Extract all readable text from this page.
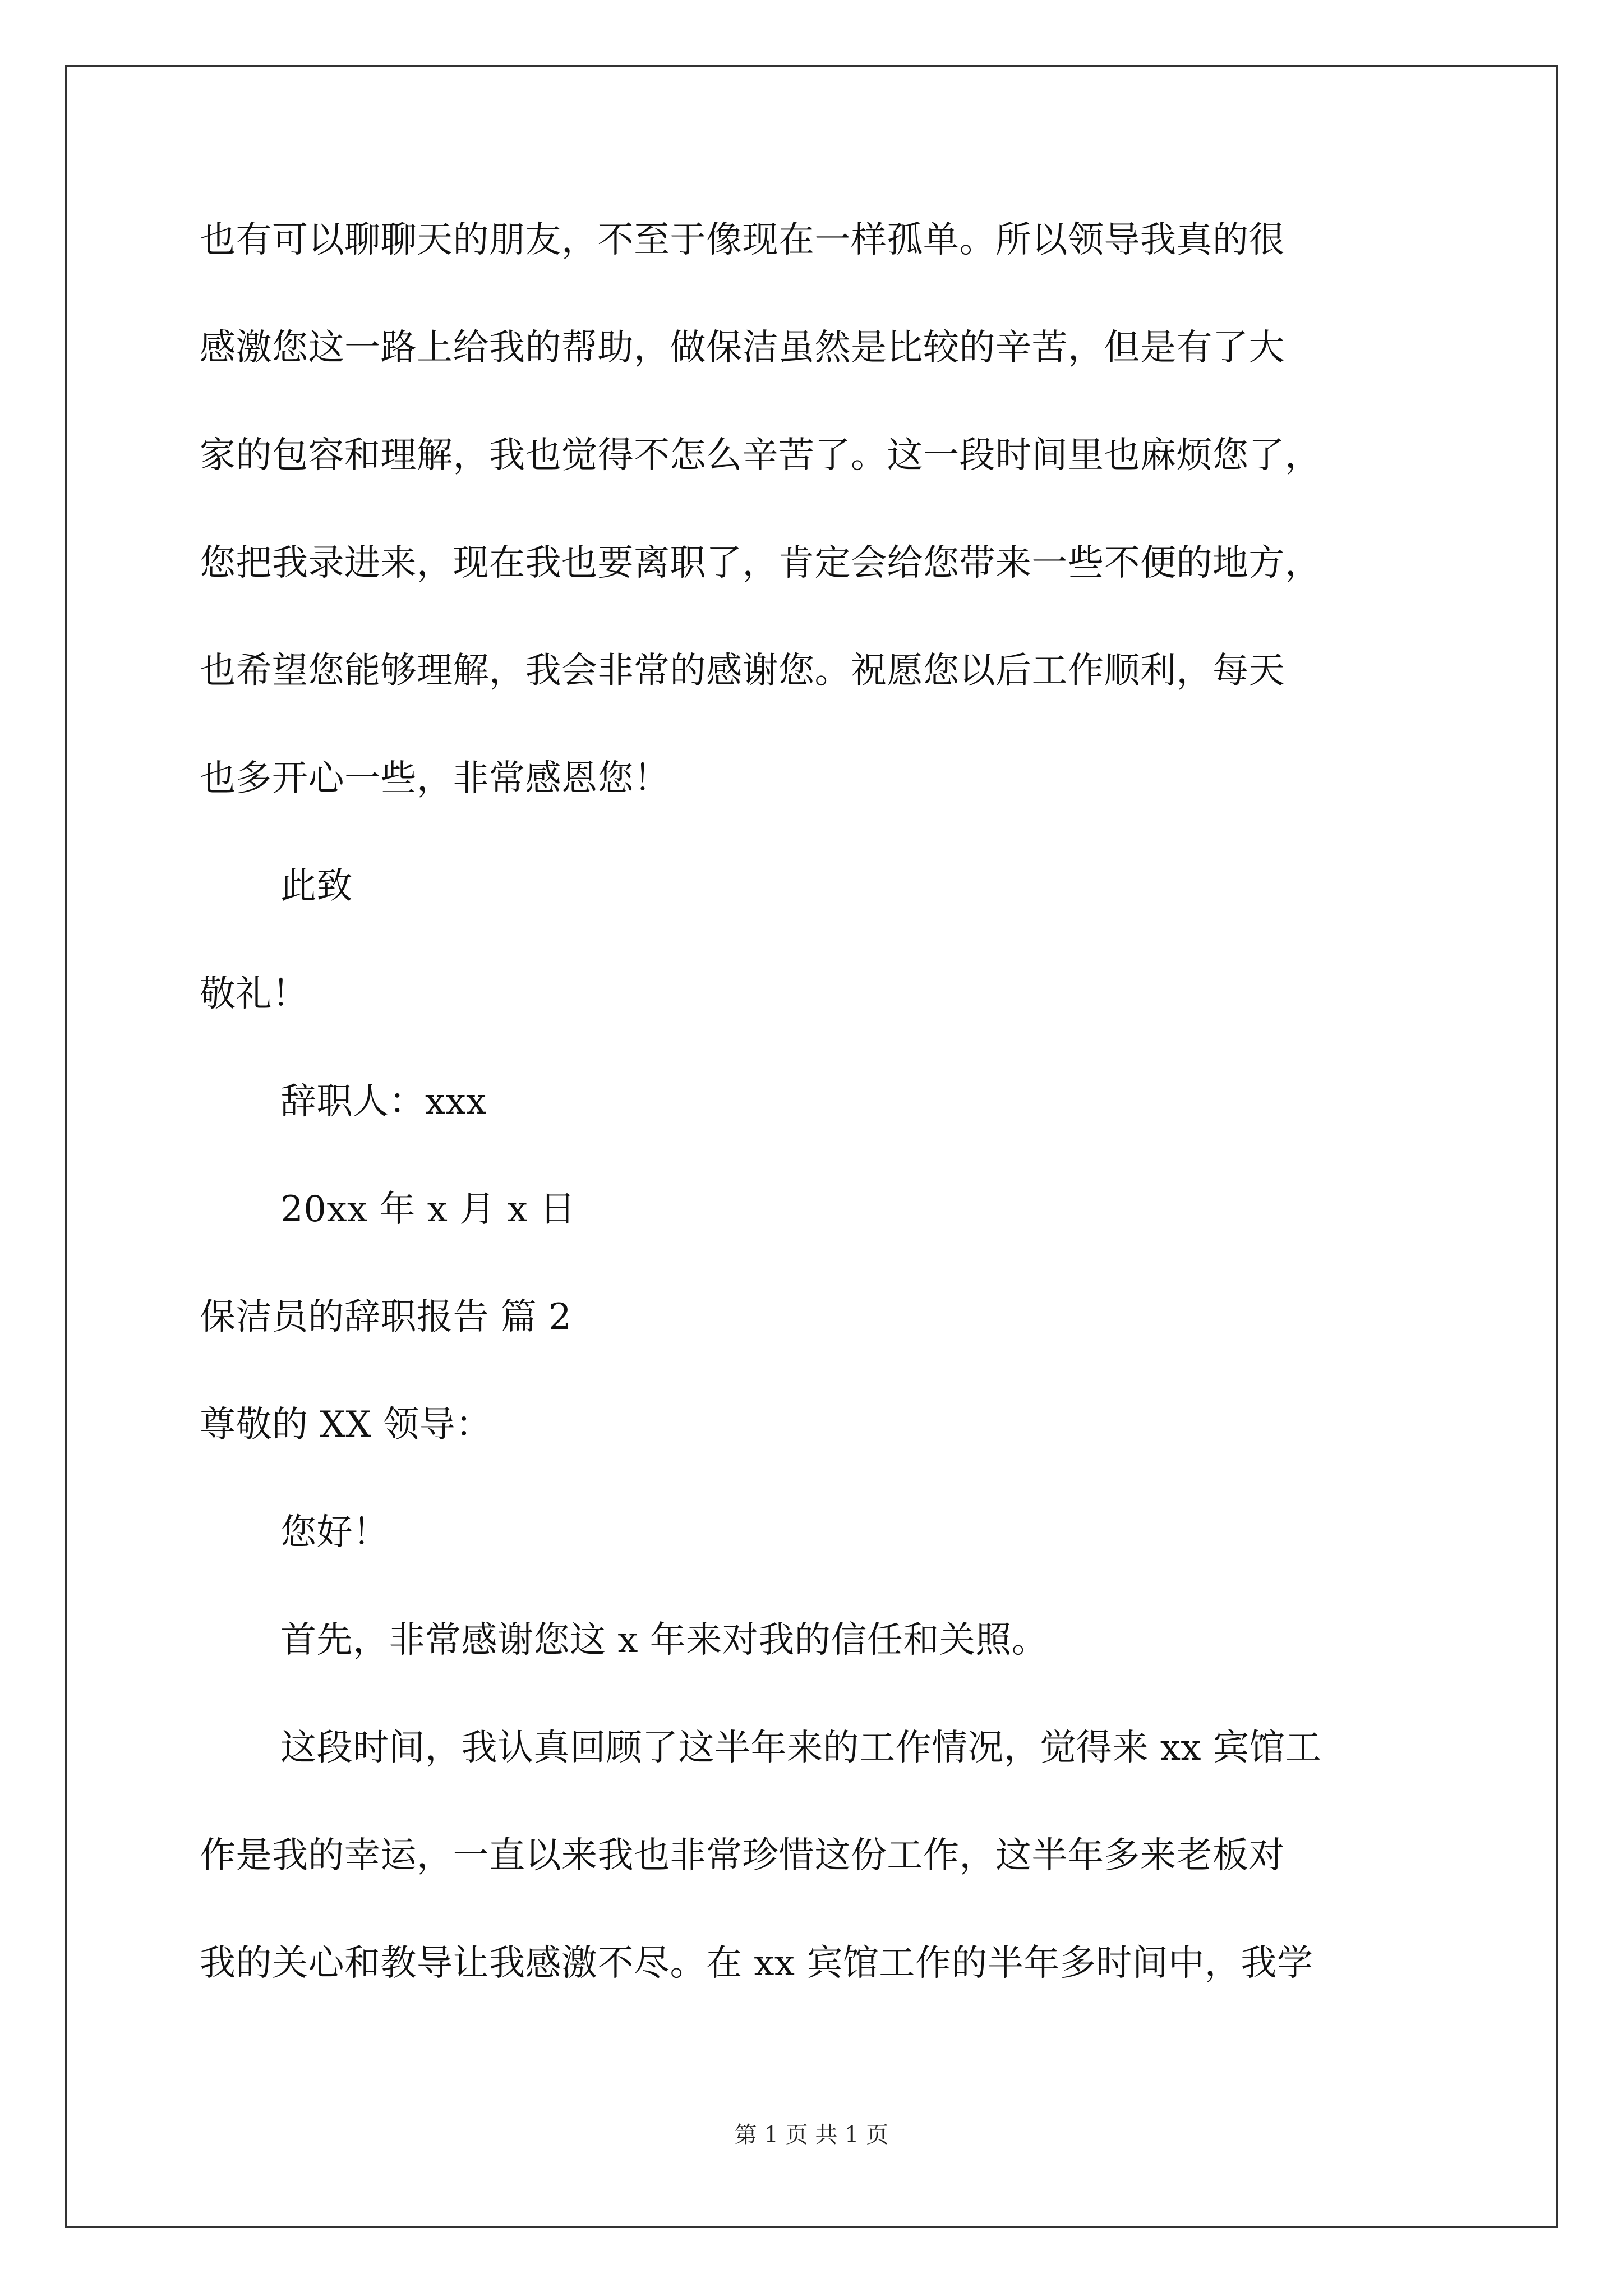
也有可以聊聊天的朋友，不至于像现在一样孤单。所以领导我真的很
感激您这一路上给我的帮助，做保洁虽然是比较的辛苦，但是有了大
家的包容和理解，我也觉得不怎么辛苦了。这一段时间里也麻烦您了，
您把我录进来，现在我也要离职了，肯定会给您带来一些不便的地方，
也希望您能够理解，我会非常的感谢您。祝愿您以后工作顺利，每天
也多开心一些，非常感恩您！
此致
敬礼！
辞职人：xxx
20xx 年 x 月 x 日
保洁员的辞职报告 篇 2
尊敬的 XX 领导：
您好！
首先，非常感谢您这 x 年来对我的信任和关照。
这段时间，我认真回顾了这半年来的工作情况，觉得来 xx 宾馆工
作是我的幸运，一直以来我也非常珍惜这份工作，这半年多来老板对
我的关心和教导让我感激不尽。在 xx 宾馆工作的半年多时间中，我学
第 1 页 共 1 页
